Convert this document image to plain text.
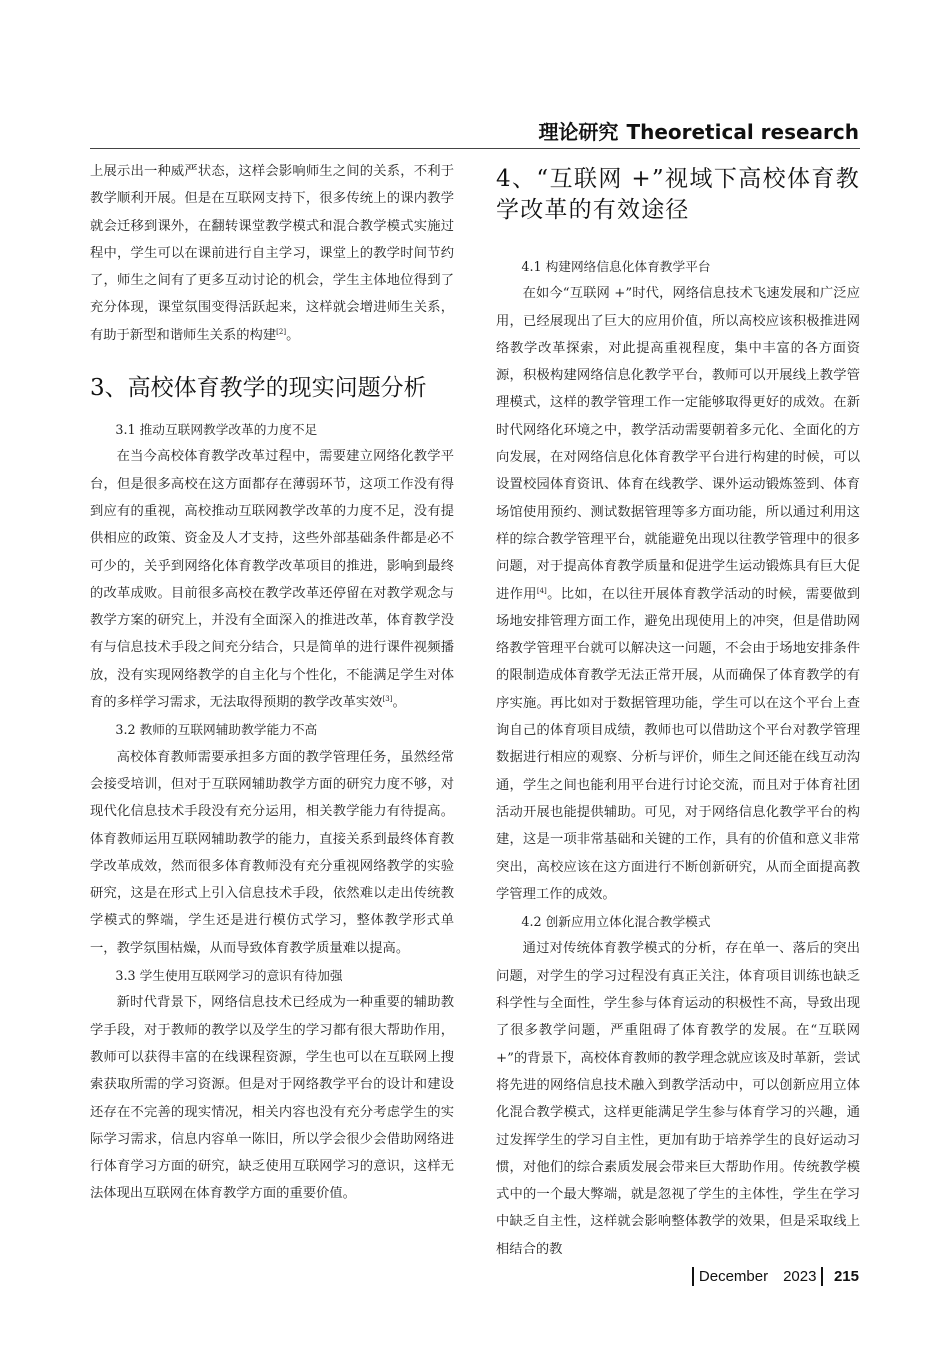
理论研究 Theoretical research

上展示出一种威严状态，这样会影响师生之间的关系，不利于教学顺利开展。但是在互联网支持下，很多传统上的课内教学就会迁移到课外，在翻转课堂教学模式和混合教学模式实施过程中，学生可以在课前进行自主学习，课堂上的教学时间节约了，师生之间有了更多互动讨论的机会，学生主体地位得到了充分体现，课堂氛围变得活跃起来，这样就会增进师生关系，有助于新型和谐师生关系的构建[2]。

3、高校体育教学的现实问题分析
3.1 推动互联网教学改革的力度不足

在当今高校体育教学改革过程中，需要建立网络化教学平台，但是很多高校在这方面都存在薄弱环节，这项工作没有得到应有的重视，高校推动互联网教学改革的力度不足，没有提供相应的政策、资金及人才支持，这些外部基础条件都是必不可少的，关乎到网络化体育教学改革项目的推进，影响到最终的改革成败。目前很多高校在教学改革还停留在对教学观念与教学方案的研究上，并没有全面深入的推进改革，体育教学没有与信息技术手段之间充分结合，只是简单的进行课件视频播放，没有实现网络教学的自主化与个性化，不能满足学生对体育的多样学习需求，无法取得预期的教学改革实效[3]。

3.2 教师的互联网辅助教学能力不高

高校体育教师需要承担多方面的教学管理任务，虽然经常会接受培训，但对于互联网辅助教学方面的研究力度不够，对现代化信息技术手段没有充分运用，相关教学能力有待提高。体育教师运用互联网辅助教学的能力，直接关系到最终体育教学改革成效，然而很多体育教师没有充分重视网络教学的实验研究，这是在形式上引入信息技术手段，依然难以走出传统教学模式的弊端，学生还是进行模仿式学习，整体教学形式单一，教学氛围枯燥，从而导致体育教学质量难以提高。

3.3 学生使用互联网学习的意识有待加强

新时代背景下，网络信息技术已经成为一种重要的辅助教学手段，对于教师的教学以及学生的学习都有很大帮助作用，教师可以获得丰富的在线课程资源，学生也可以在互联网上搜索获取所需的学习资源。但是对于网络教学平台的设计和建设还存在不完善的现实情况，相关内容也没有充分考虑学生的实际学习需求，信息内容单一陈旧，所以学会很少会借助网络进行体育学习方面的研究，缺乏使用互联网学习的意识，这样无法体现出互联网在体育教学方面的重要价值。

4、“互联网 +”视域下高校体育教学改革的有效途径
4.1 构建网络信息化体育教学平台

在如今“互联网 +”时代，网络信息技术飞速发展和广泛应用，已经展现出了巨大的应用价值，所以高校应该积极推进网络教学改革探索，对此提高重视程度，集中丰富的各方面资源，积极构建网络信息化教学平台，教师可以开展线上教学管理模式，这样的教学管理工作一定能够取得更好的成效。在新时代网络化环境之中，教学活动需要朝着多元化、全面化的方向发展，在对网络信息化体育教学平台进行构建的时候，可以设置校园体育资讯、体育在线教学、课外运动锻炼签到、体育场馆使用预约、测试数据管理等多方面功能，所以通过利用这样的综合教学管理平台，就能避免出现以往教学管理中的很多问题，对于提高体育教学质量和促进学生运动锻炼具有巨大促进作用[4]。比如，在以往开展体育教学活动的时候，需要做到场地安排管理方面工作，避免出现使用上的冲突，但是借助网络教学管理平台就可以解决这一问题，不会由于场地安排条件的限制造成体育教学无法正常开展，从而确保了体育教学的有序实施。再比如对于数据管理功能，学生可以在这个平台上查询自己的体育项目成绩，教师也可以借助这个平台对教学管理数据进行相应的观察、分析与评价，师生之间还能在线互动沟通，学生之间也能利用平台进行讨论交流，而且对于体育社团活动开展也能提供辅助。可见，对于网络信息化教学平台的构建，这是一项非常基础和关键的工作，具有的价值和意义非常突出，高校应该在这方面进行不断创新研究，从而全面提高教学管理工作的成效。

4.2 创新应用立体化混合教学模式

通过对传统体育教学模式的分析，存在单一、落后的突出问题，对学生的学习过程没有真正关注，体育项目训练也缺乏科学性与全面性，学生参与体育运动的积极性不高，导致出现了很多教学问题，严重阻碍了体育教学的发展。在“互联网 +”的背景下，高校体育教师的教学理念就应该及时革新，尝试将先进的网络信息技术融入到教学活动中，可以创新应用立体化混合教学模式，这样更能满足学生参与体育学习的兴趣，通过发挥学生的学习自主性，更加有助于培养学生的良好运动习惯，对他们的综合素质发展会带来巨大帮助作用。传统教学模式中的一个最大弊端，就是忽视了学生的主体性，学生在学习中缺乏自主性，这样就会影响整体教学的效果，但是采取线上相结合的教

December 2023 215
